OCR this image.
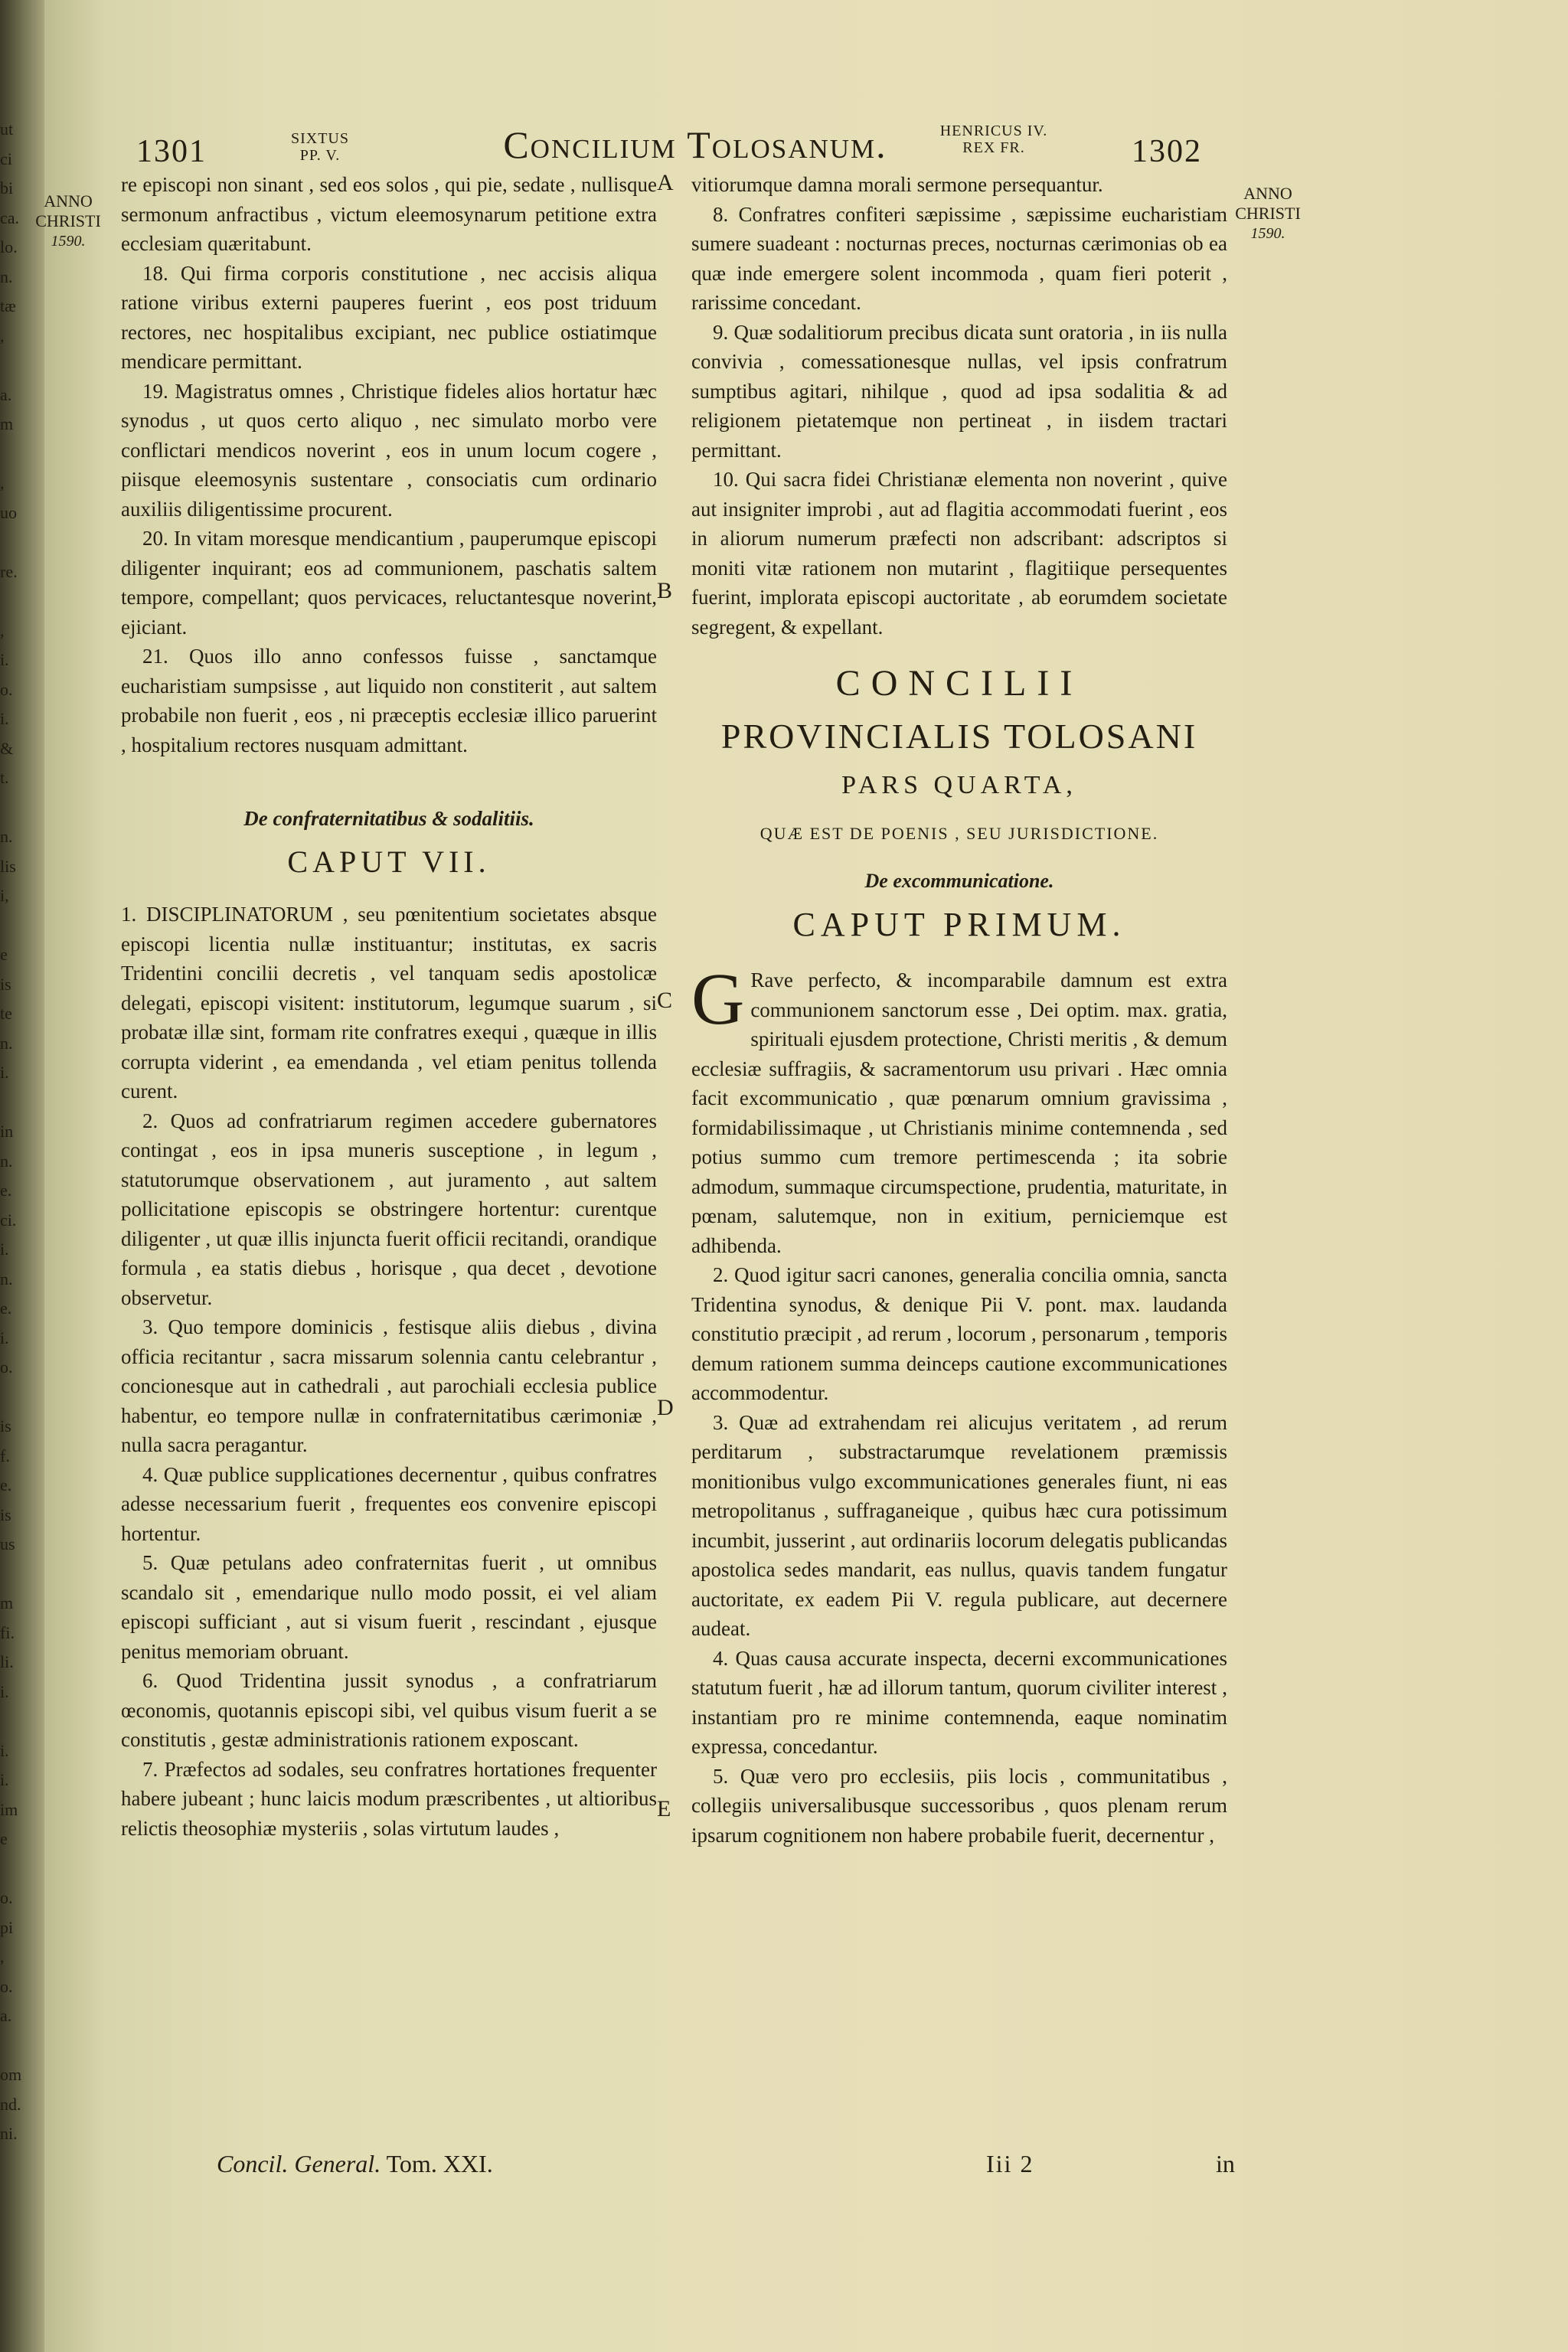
ut
ci
bi
ca.
lo.
n.
tæ
,

a.
m

,
uo

re.

,
i.
o.
i.
&
t.

n.
lis
i,

e
is
te
n.
i.

in
n.
e.
ci.
i.
n.
e.
i.
o.

is
f.
e.
is
us

m
fi.
li.
i.

i.
i.
im
e

o.
pi
,
o.
a.

om
nd.
ni.
1301	SIXTUS
PP. V.	Concilium Tolosanum.	HENRICUS IV.
REX FR.	1302
ANNO
CHRISTI
1590.
ANNO
CHRISTI
1590.
A
B
C
D
E

re episcopi non sinant , sed eos solos , qui pie, sedate , nullisque sermonum anfractibus , victum eleemosynarum petitione extra ecclesiam quæritabunt.

18. Qui firma corporis constitutione , nec accisis aliqua ratione viribus externi pauperes fuerint , eos post triduum rectores, nec hospitalibus excipiant, nec publice ostiatimque mendicare permittant.

19. Magistratus omnes , Christique fideles alios hortatur hæc synodus , ut quos certo aliquo , nec simulato morbo vere conflictari mendicos noverint , eos in unum locum cogere , piisque eleemosynis sustentare , consociatis cum ordinario auxiliis diligentissime procurent.

20. In vitam moresque mendicantium , pauperumque episcopi diligenter inquirant; eos ad communionem, paschatis saltem tempore, compellant; quos pervicaces, reluctantesque noverint, ejiciant.

21. Quos illo anno confessos fuisse , sanctamque eucharistiam sumpsisse , aut liquido non constiterit , aut saltem probabile non fuerit , eos , ni præceptis ecclesiæ illico paruerint , hospitalium rectores nusquam admittant.

De confraternitatibus & sodalitiis.
CAPUT VII.

1. DISCIPLINATORUM , seu pœnitentium societates absque episcopi licentia nullæ instituantur; institutas, ex sacris Tridentini concilii decretis , vel tanquam sedis apostolicæ delegati, episcopi visitent: institutorum, legumque suarum , si probatæ illæ sint, formam rite confratres exequi , quæque in illis corrupta viderint , ea emendanda , vel etiam penitus tollenda curent.

2. Quos ad confratriarum regimen accedere gubernatores contingat , eos in ipsa muneris susceptione , in legum , statutorumque observationem , aut juramento , aut saltem pollicitatione episcopis se obstringere hortentur: curentque diligenter , ut quæ illis injuncta fuerit officii recitandi, orandique formula , ea statis diebus , horisque , qua decet , devotione observetur.

3. Quo tempore dominicis , festisque aliis diebus , divina officia recitantur , sacra missarum solennia cantu celebrantur , concionesque aut in cathedrali , aut parochiali ecclesia publice habentur, eo tempore nullæ in confraternitatibus cærimoniæ , nulla sacra peragantur.

4. Quæ publice supplicationes decernentur , quibus confratres adesse necessarium fuerit , frequentes eos convenire episcopi hortentur.

5. Quæ petulans adeo confraternitas fuerit , ut omnibus scandalo sit , emendarique nullo modo possit, ei vel aliam episcopi sufficiant , aut si visum fuerit , rescindant , ejusque penitus memoriam obruant.

6. Quod Tridentina jussit synodus , a confratriarum œconomis, quotannis episcopi sibi, vel quibus visum fuerit a se constitutis , gestæ administrationis rationem exposcant.

7. Præfectos ad sodales, seu confratres hortationes frequenter habere jubeant ; hunc laicis modum præscribentes , ut altioribus relictis theosophiæ mysteriis , solas virtutum laudes ,

vitiorumque damna morali sermone persequantur.

8. Confratres confiteri sæpissime , sæpissime eucharistiam sumere suadeant : nocturnas preces, nocturnas cærimonias ob ea quæ inde emergere solent incommoda , quam fieri poterit , rarissime concedant.

9. Quæ sodalitiorum precibus dicata sunt oratoria , in iis nulla convivia , comessationesque nullas, vel ipsis confratrum sumptibus agitari, nihilque , quod ad ipsa sodalitia & ad religionem pietatemque non pertineat , in iisdem tractari permittant.

10. Qui sacra fidei Christianæ elementa non noverint , quive aut insigniter improbi , aut ad flagitia accommodati fuerint , eos in aliorum numerum præfecti non adscribant: adscriptos si moniti vitæ rationem non mutarint , flagitiique persequentes fuerint, implorata episcopi auctoritate , ab eorumdem societate segregent, & expellant.

CONCILII
PROVINCIALIS TOLOSANI
PARS QUARTA,
QUÆ EST DE POENIS , SEU JURISDICTIONE.
De excommunicatione.
CAPUT PRIMUM.

GRave perfecto, & incomparabile damnum est extra communionem sanctorum esse , Dei optim. max. gratia, spirituali ejusdem protectione, Christi meritis , & demum ecclesiæ suffragiis, & sacramentorum usu privari . Hæc omnia facit excommunicatio , quæ pœnarum omnium gravissima , formidabilissimaque , ut Christianis minime contemnenda , sed potius summo cum tremore pertimescenda ; ita sobrie admodum, summaque circumspectione, prudentia, maturitate, in pœnam, salutemque, non in exitium, perniciemque est adhibenda.

2. Quod igitur sacri canones, generalia concilia omnia, sancta Tridentina synodus, & denique Pii V. pont. max. laudanda constitutio præcipit , ad rerum , locorum , personarum , temporis demum rationem summa deinceps cautione excommunicationes accommodentur.

3. Quæ ad extrahendam rei alicujus veritatem , ad rerum perditarum , substractarumque revelationem præmissis monitionibus vulgo excommunicationes generales fiunt, ni eas metropolitanus , suffraganeique , quibus hæc cura potissimum incumbit, jusserint , aut ordinariis locorum delegatis publicandas apostolica sedes mandarit, eas nullus, quavis tandem fungatur auctoritate, ex eadem Pii V. regula publicare, aut decernere audeat.

4. Quas causa accurate inspecta, decerni excommunicationes statutum fuerit , hæ ad illorum tantum, quorum civiliter interest , instantiam pro re minime contemnenda, eaque nominatim expressa, concedantur.

5. Quæ vero pro ecclesiis, piis locis , communitatibus , collegiis universalibusque successoribus , quos plenam rerum ipsarum cognitionem non habere probabile fuerit, decernentur ,

Concil. General. Tom. XXI.	Iii 2	in
